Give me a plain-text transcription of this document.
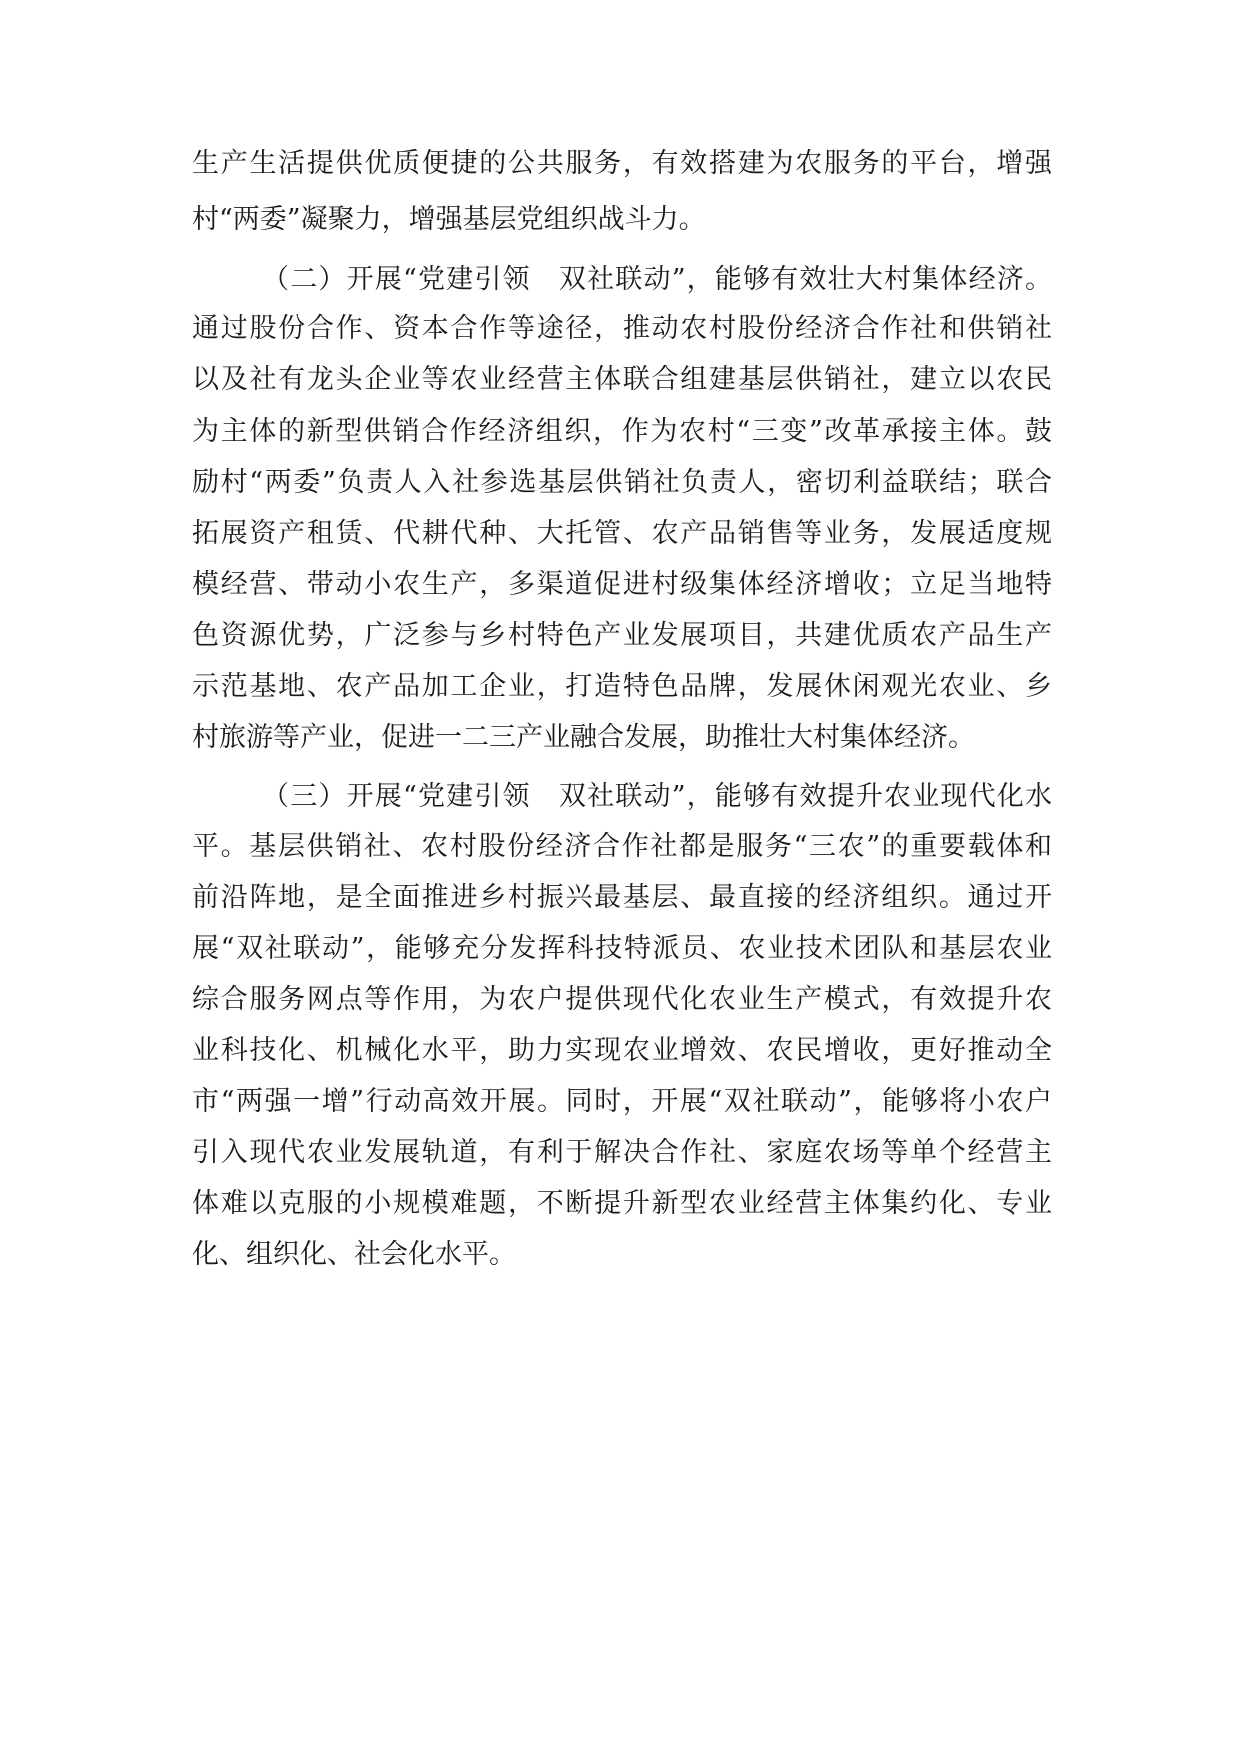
生产生活提供优质便捷的公共服务，有效搭建为农服务的平台，增强
村“两委”凝聚力，增强基层党组织战斗力。
（二）开展“党建引领　双社联动”，能够有效壮大村集体经济。
通过股份合作、资本合作等途径，推动农村股份经济合作社和供销社
以及社有龙头企业等农业经营主体联合组建基层供销社，建立以农民
为主体的新型供销合作经济组织，作为农村“三变”改革承接主体。鼓
励村“两委”负责人入社参选基层供销社负责人，密切利益联结；联合
拓展资产租赁、代耕代种、大托管、农产品销售等业务，发展适度规
模经营、带动小农生产，多渠道促进村级集体经济增收；立足当地特
色资源优势，广泛参与乡村特色产业发展项目，共建优质农产品生产
示范基地、农产品加工企业，打造特色品牌，发展休闲观光农业、乡
村旅游等产业，促进一二三产业融合发展，助推壮大村集体经济。
（三）开展“党建引领　双社联动”，能够有效提升农业现代化水
平。基层供销社、农村股份经济合作社都是服务“三农”的重要载体和
前沿阵地，是全面推进乡村振兴最基层、最直接的经济组织。通过开
展“双社联动”，能够充分发挥科技特派员、农业技术团队和基层农业
综合服务网点等作用，为农户提供现代化农业生产模式，有效提升农
业科技化、机械化水平，助力实现农业增效、农民增收，更好推动全
市“两强一增”行动高效开展。同时，开展“双社联动”，能够将小农户
引入现代农业发展轨道，有利于解决合作社、家庭农场等单个经营主
体难以克服的小规模难题，不断提升新型农业经营主体集约化、专业
化、组织化、社会化水平。
